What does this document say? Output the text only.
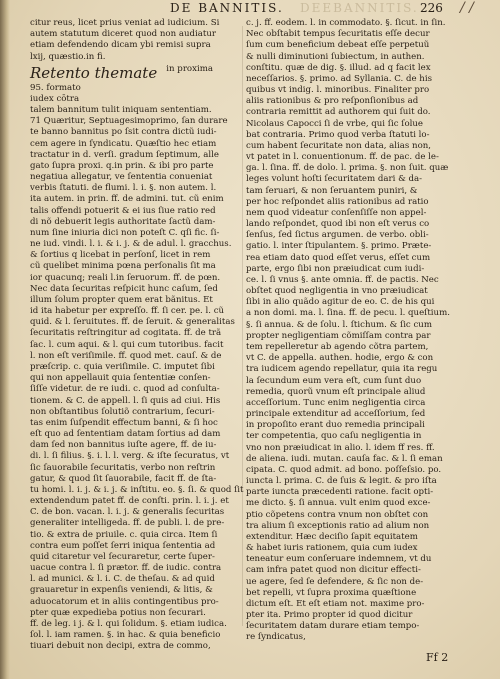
DE BANNITIS.	DEEBANNITIS. 226	/ /
citur reus, licet prius veniat ad iudicium. Si
autem statutum diceret quod non audiatur
etiam defendendo dicam ybi remisi supra
lxij, quæstio.in fi.
Retento themate $^{in proxima}$
95. formato
iudex cōtra
talem bannitum tulit iniquam sententiam.
71 Quæritur, Septuagesimoprimo, ſan durare
te banno bannitus po ſsit contra dictũ iudi-
cem agere in ſyndicatu. Quæſtio hec etiam
tractatur in d. verſi. gradum ſeptimum, alle
gato ſupra proxi. q.in prin. & ibi pro parte
negatiua allegatur, ve ſententia conueniat
verbis ſtatuti. de flumi. l. i. §. non autem. l.
ita autem. in prin. ff. de admini. tut. cũ enim
talis offendi potuerit & ei ius ſiue ratio red
di nõ debuerit legis authoritate ſactũ dam-
num ſine iniuria dici non poteſt C. qſi fic. ſi-
ne iud. vindi. l. i. & i. j. & de adul. l. gracchus.
& ſortius q licebat in perſonſ, licet in rem
cũ quelibet minima pœna perſonalis ſit ma
ior quacunq; reali l.in ſeruorum. ff. de pœn.
Nec data ſecuritas reſpicit hunc caſum, ſed
illum ſolum propter quem erat bãnitus. Et
id ita habetur per expreſſo. ff. ſi cer. pe. l. cũ
quid. & l. ſeruitutes. ff. de ſeruit. & generalitas
ſecuritatis reſtringitur ad cogitata. ff. de trã
ſac. l. cum aqui. & l. qui cum tutoribus. facit
l. non eſt veriſimile. ff. quod met. cauſ. & de
præſcrip. c. quia veriſimile. C. imputet ſibi
qui non appellauit quia ſententiæ conſen-
ſiſſe videtur. de re iudi. c. quod ad conſulta-
tionem. & C. de appell. l. ſi quis ad ciui. His
non obſtantibus ſolutiõ contrarium, ſecuri-
tas enim ſuſpendit effectum banni, & ſi hoc
eſt quo ad ſententiam datam ſortius ad dam
dam ſed non bannitus iuſte agere, ff. de iu-
di. l. ſi filius. §. i. l. l. verg. & iſte ſecuratus, vt
ſic ſauorabile ſecuritatis, verbo non reſtrin
gatur, & quod ſit ſauorabile, facit ff. de ſta-
tu homi. l. i. j. & i. j. & inſtitu. eo. §. ſi. & quod ſit
extendendum patet ff. de conſti. prin. l. i. j. et
C. de bon. vacan. l. i. j. & generalis ſecuritas
generaliter intelligeda. ff. de publi. l. de pre-
tio. & extra de priuile. c. quia circa. Item ſi
contra eum poſſet ſerri iniqua ſententia ad
quid citaretur vel ſecuraretur, certe ſuper-
uacue contra l. ſi prætor. ff. de iudic. contra
l. ad munici. & l. i. C. de theſau. & ad quid
grauaretur in expenſis veniendi, & litis, &
aduocatorum et in aliis contingentibus pro-
pter quæ expedieba potius non ſecurari.
ff. de leg. i j. & l. qui ſolidum. §. etiam iudica.
ſol. l. iam ramen. §. in hac. & quia beneficio
tiuari debuit non decipi, extra de commo,
c. j. ff. eodem. l. in commodato. §. ſicut. in ſin.
Nec obſtabit tempus ſecuritatis eſſe decur
ſum cum beneficium debeat eſſe perpetuũ
& nulli diminutioni ſubiectum, in authen.
conſtitu. quæ de dig. §. illud. ad q facit lex
neceſſarios. §. primo. ad Syllania. C. de his
quibus vt indig. l. minoribus. Finaliter pro
aliis rationibus & pro reſponſionibus ad
contraria remittit ad authorem qui ſuit do.
Nicolaus Capocci ſi de vrbe, qui ſic ſolue
bat contraria. Primo quod verba ſtatuti lo-
cum habent ſecuritate non data, alias non,
vt patet in l. conuentionum. ff. de pac. de le-
ga. l. ſina. ff. de dolo. l. prima. §. non ſuit. quæ
leges volunt hoſti ſecuritatem dari & da-
tam ſeruari, & non ſeruantem puniri, &
per hoc reſpondet aliis rationibus ad ratio
nem quod videatur conſenſiſſe non appel-
lando reſpondet, quod ibi non eſt verus co
ſenſus, ſed ſictus argumen. de verbo. obli-
gatio. l. inter ſtipulantem. §. primo. Præte-
rea etiam dato quod eſſet verus, eſſet cum
parte, ergo ſibi non præiudicat cum iudi-
ce. l. ſi vnus §. ante omnia. ff. de pactis. Nec
obſtet quod negligentia in vno præiudicat
ſibi in alio quãdo agitur de eo. C. de his qui
a non domi. ma. l. ſina. ff. de pecu. l. queſtium.
§. ſi annua. & de ſolu. l. ſtichum. & ſic cum
propter negligentiam cõmiſſam contra par
tem repelleretur ab agendo cõtra partem,
vt C. de appella. authen. hodie, ergo & con
tra iudicem agendo repellatur, quia ita regu
la ſecundum eum vera eſt, cum ſunt duo
remedia, quorũ vnum eſt principale aliud
acceſſorium. Tunc enim negligentia circa
principale extenditur ad acceſſorium, ſed
in propoſito erant duo remedia principali
ter competentia, quo caſu negligentia in
vno non præiudicat in alio. l. idem ff res. ff.
de aliena. iudi. mutan. cauſa fac. & l. ſi eman
cipata. C. quod admit. ad bono. poſſeſsio. po.
iuncta l. prima. C. de ſuis & legit. & pro iſta
parte iuncta præcedenti ratione. facit opti-
me dicto. §. ſi annua. vult enim quod exce-
ptio cõpetens contra vnum non obſtet con
tra alium ſi exceptionis ratio ad alium non
extenditur. Hæc deciſio ſapit equitatem
& habet iuris rationem, quia cum iudex
teneatur eum conſeruare indemnem, vt du
cam infra patet quod non dicitur effecti-
ue agere, ſed ſe defendere, & ſic non de-
bet repelli, vt ſupra proxima quæſtione
dictum eſt. Et eſt etiam not. maxime pro-
pter ita. Primo propter id quod dicitur
ſecuritatem datam durare etiam tempo-
re ſyndicatus,
Ff 2
